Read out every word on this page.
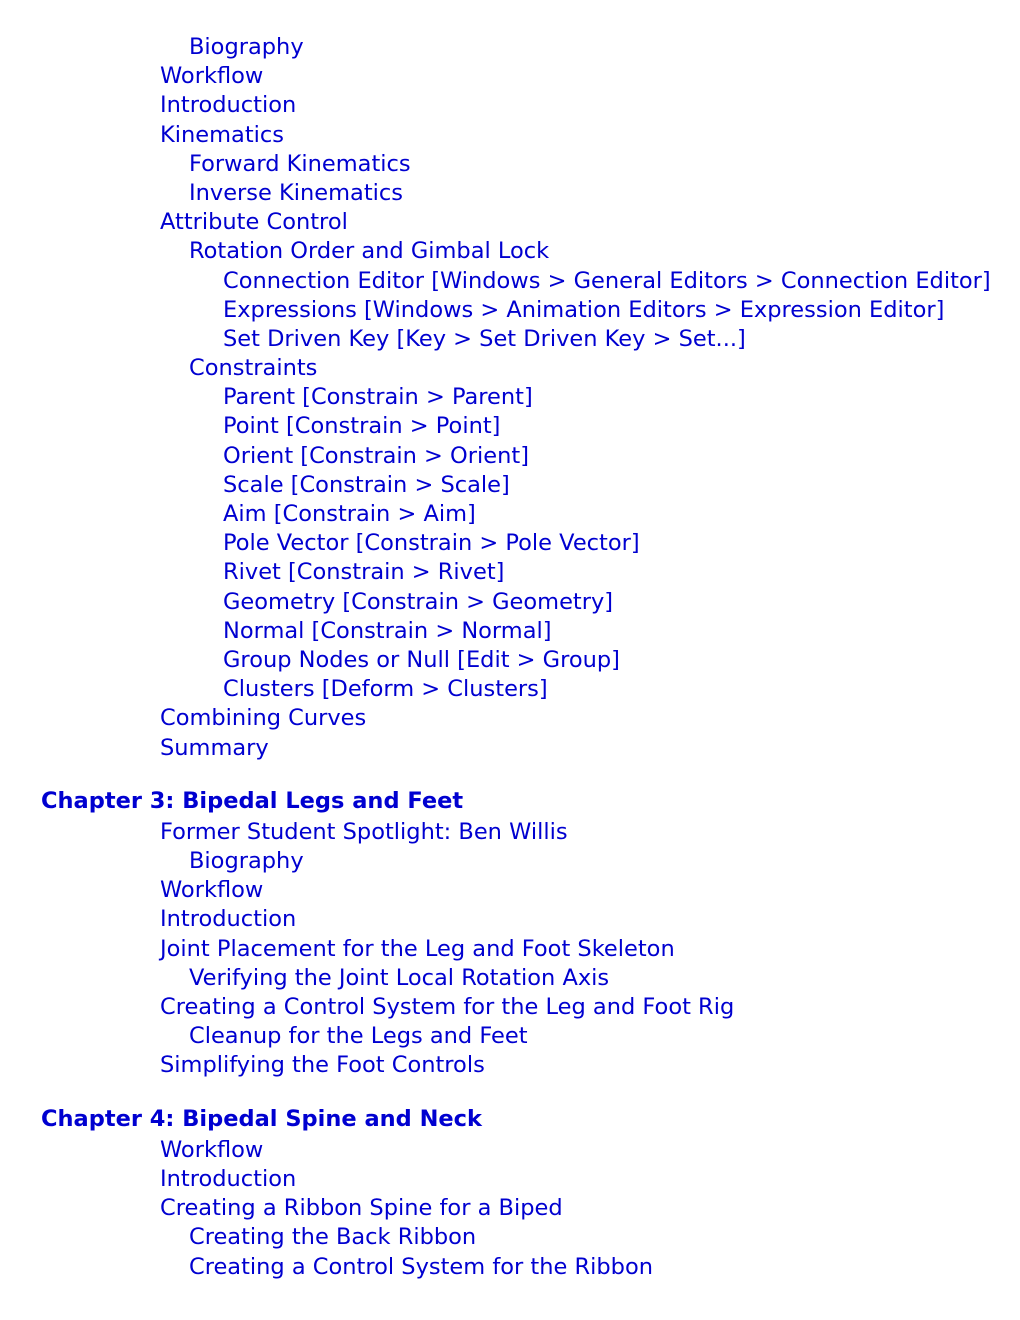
Biography
Workflow
Introduction
Kinematics
Forward Kinematics
Inverse Kinematics
Attribute Control
Rotation Order and Gimbal Lock
Connection Editor [Windows > General Editors > Connection Editor]
Expressions [Windows > Animation Editors > Expression Editor]
Set Driven Key [Key > Set Driven Key > Set...]
Constraints
Parent [Constrain > Parent]
Point [Constrain > Point]
Orient [Constrain > Orient]
Scale [Constrain > Scale]
Aim [Constrain > Aim]
Pole Vector [Constrain > Pole Vector]
Rivet [Constrain > Rivet]
Geometry [Constrain > Geometry]
Normal [Constrain > Normal]
Group Nodes or Null [Edit > Group]
Clusters [Deform > Clusters]
Combining Curves
Summary
Chapter 3: Bipedal Legs and Feet
Former Student Spotlight: Ben Willis
Biography
Workflow
Introduction
Joint Placement for the Leg and Foot Skeleton
Verifying the Joint Local Rotation Axis
Creating a Control System for the Leg and Foot Rig
Cleanup for the Legs and Feet
Simplifying the Foot Controls
Chapter 4: Bipedal Spine and Neck
Workflow
Introduction
Creating a Ribbon Spine for a Biped
Creating the Back Ribbon
Creating a Control System for the Ribbon
